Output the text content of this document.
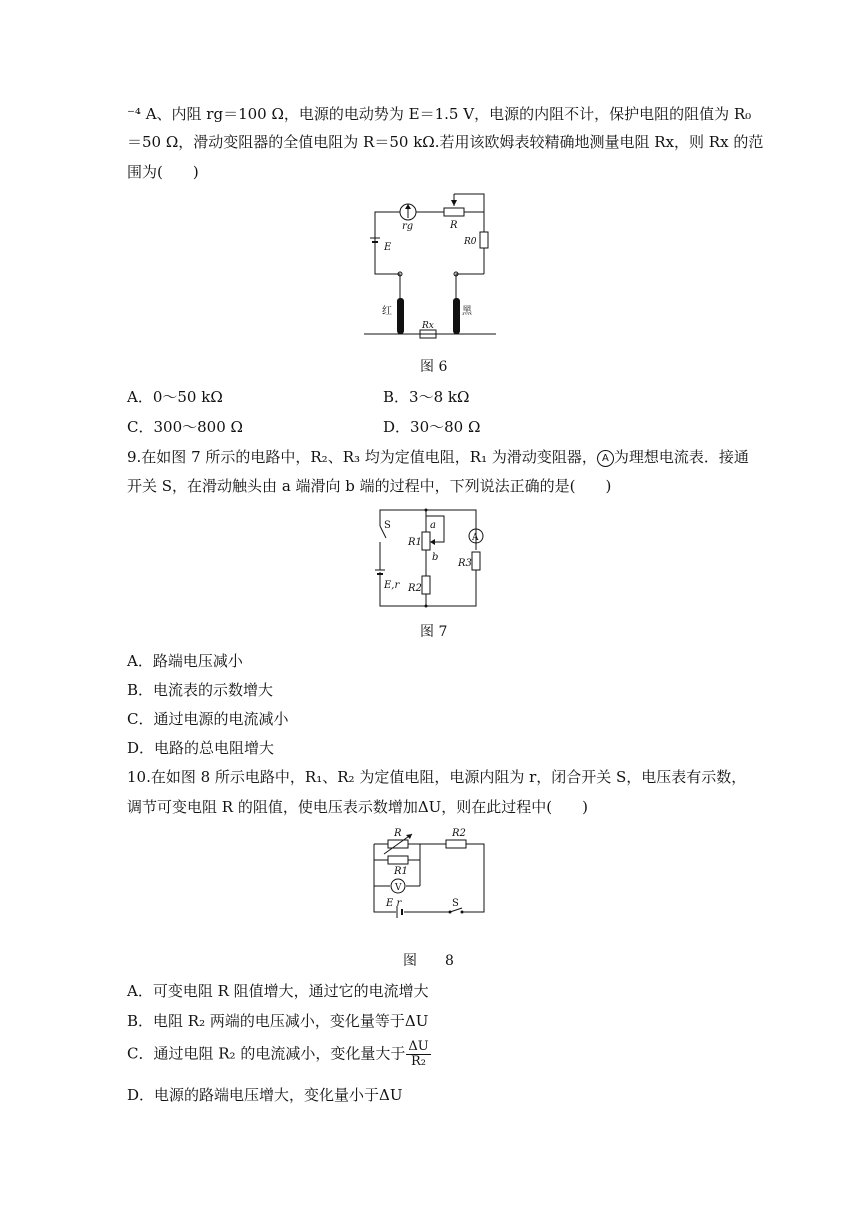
⁻⁴ A、内阻 rg＝100 Ω，电源的电动势为 E＝1.5 V，电源的内阻不计，保护电阻的阻值为 R₀
＝50 Ω，滑动变阻器的全值电阻为 R＝50 kΩ.若用该欧姆表较精确地测量电阻 Rx，则 Rx 的范
围为(　　)
rg	R
E	R0
红	黑
Rx
图 6
A．0～50 kΩ	B．3～8 kΩ
C．300～800 Ω	D．30～80 Ω
9.在如图 7 所示的电路中，R₂、R₃ 均为定值电阻，R₁ 为滑动变阻器， A 为理想电流表．接通
开关 S，在滑动触头由 a 端滑向 b 端的过程中，下列说法正确的是(　　)
S
E,r
R1
R2
R3
a
b
A
图 7
A．路端电压减小
B．电流表的示数增大
C．通过电源的电流减小
D．电路的总电阻增大
10.在如图 8 所示电路中，R₁、R₂ 为定值电阻，电源内阻为 r，闭合开关 S，电压表有示数，
调节可变电阻 R 的阻值，使电压表示数增加ΔU，则在此过程中(　　)
R	R2
R1
V
E r	S
图　　8
A．可变电阻 R 阻值增大，通过它的电流增大
B．电阻 R₂ 两端的电压减小，变化量等于ΔU
C．通过电阻 R₂ 的电流减小，变化量大于 $\frac{\Delta U}{\text{R₂}}$
D．电源的路端电压增大，变化量小于ΔU
